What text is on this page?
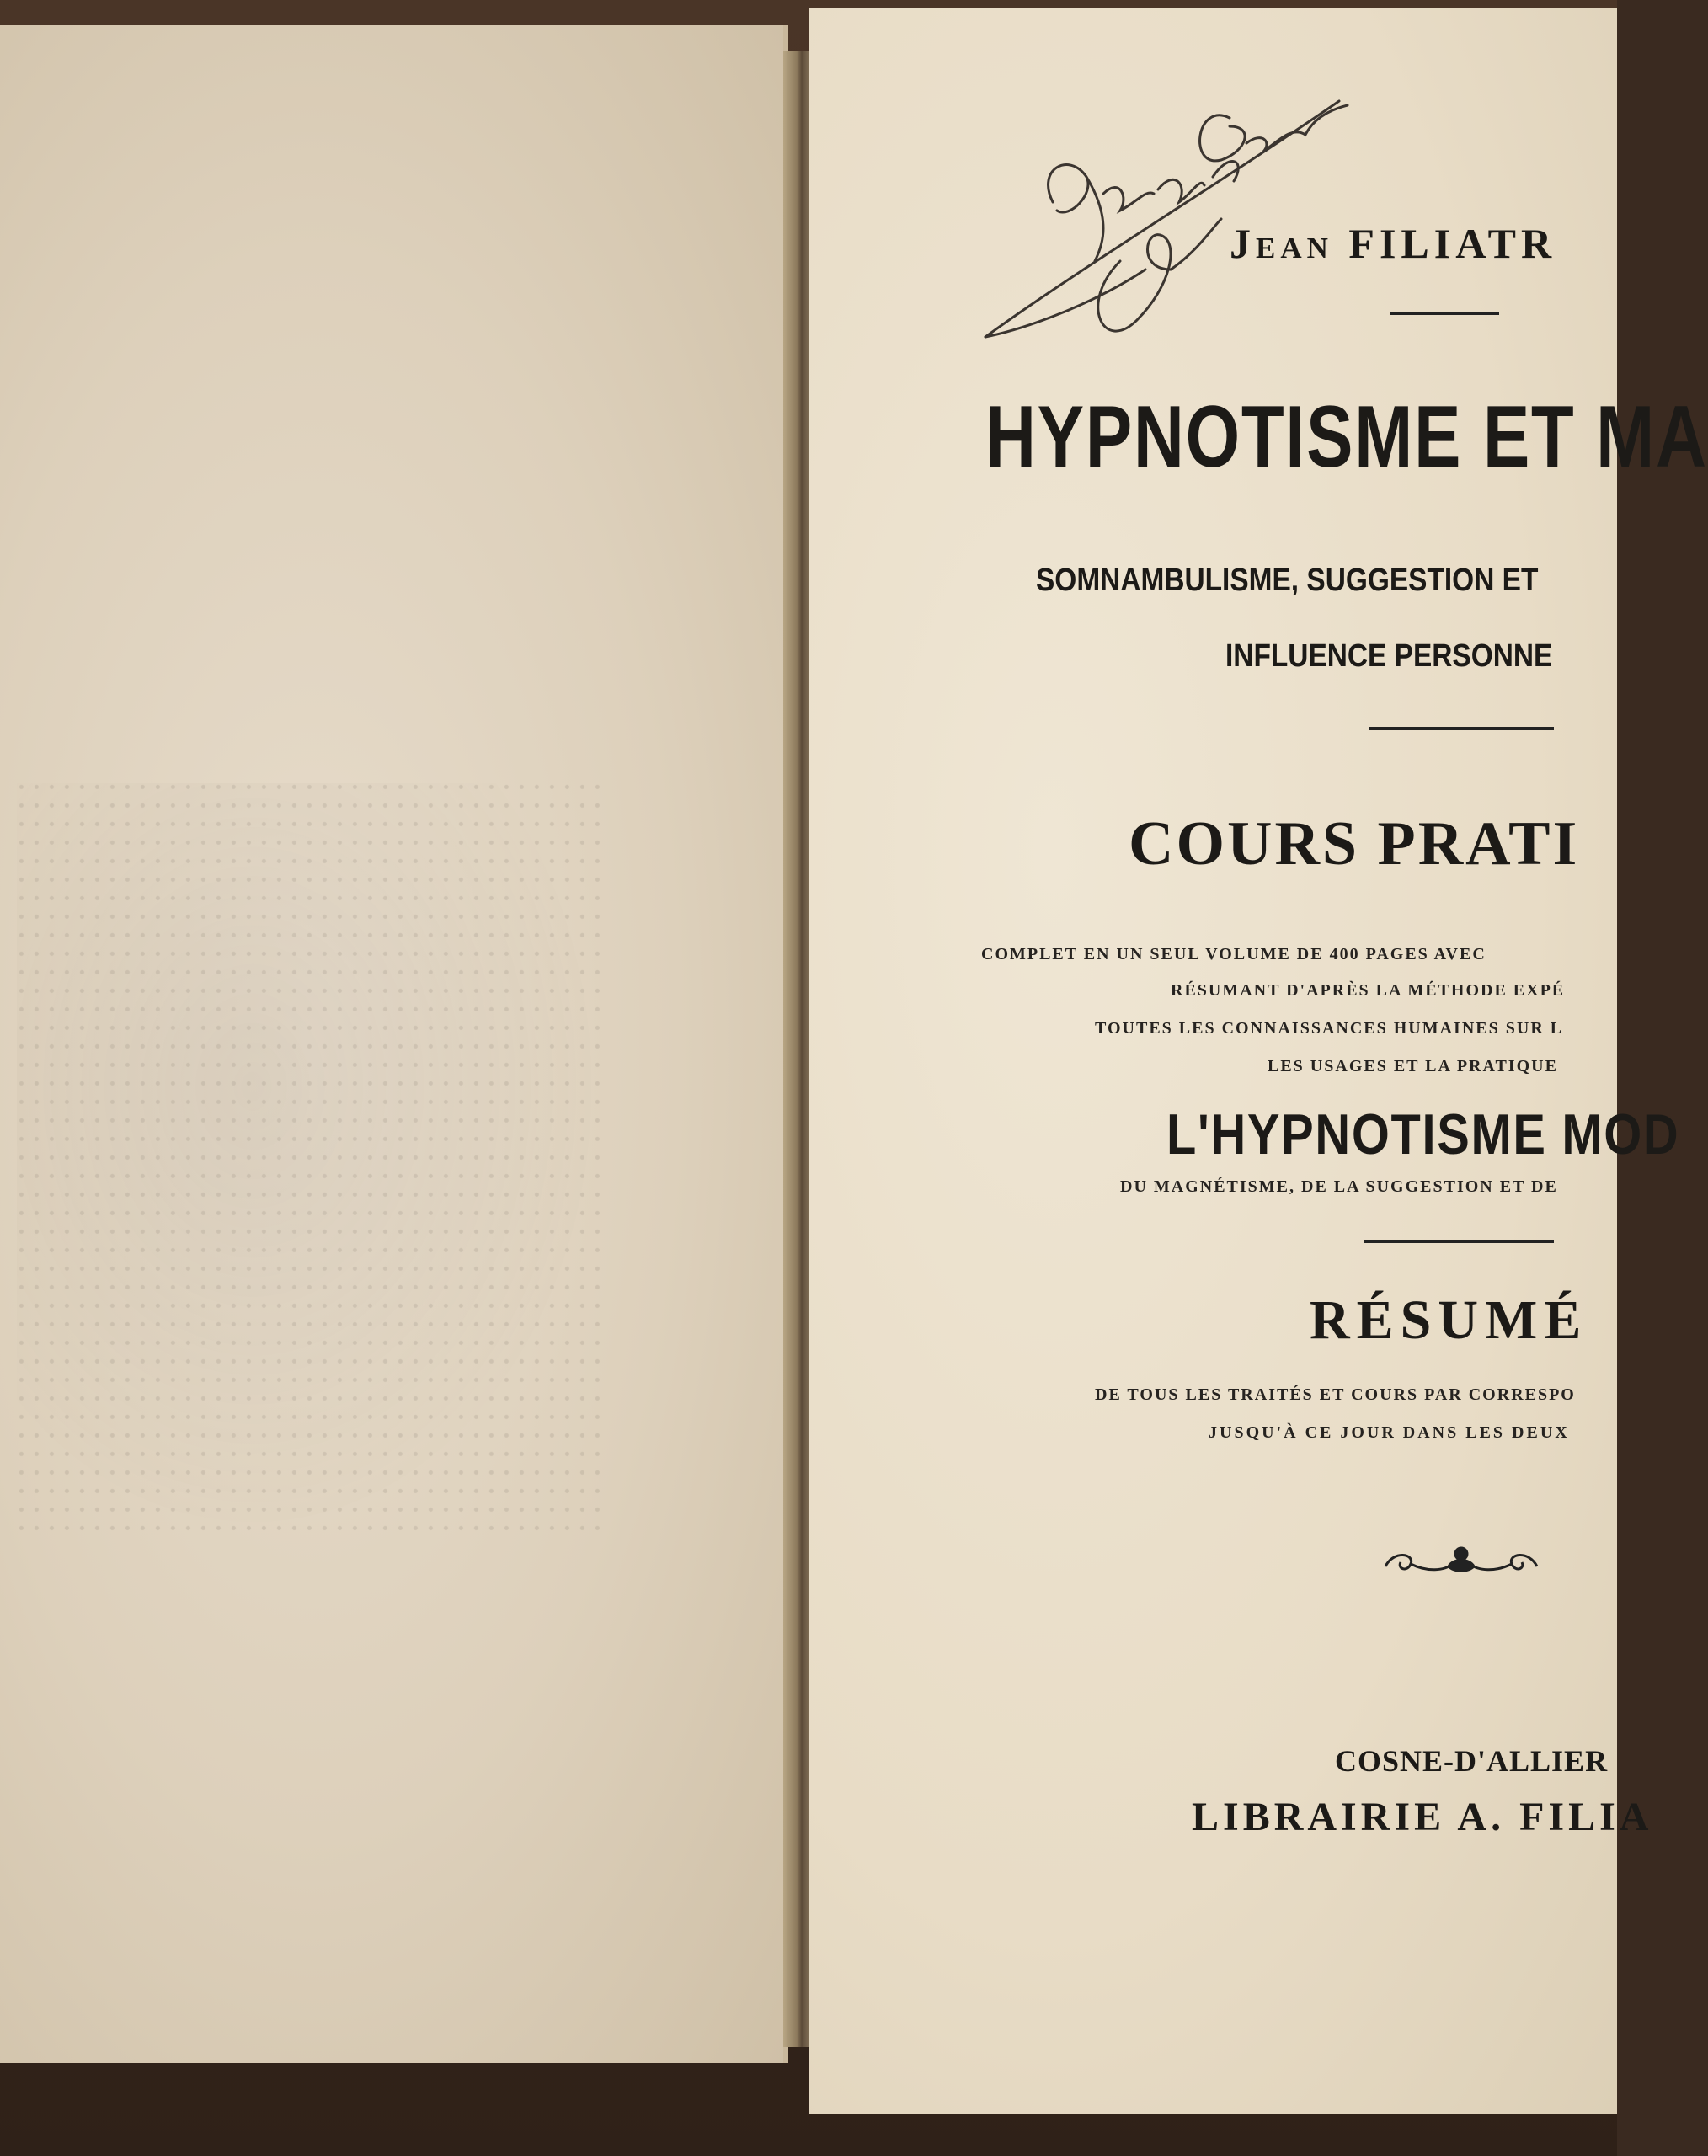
Jean FILIATR
HYPNOTISME ET MA
SOMNAMBULISME, SUGGESTION ET
INFLUENCE PERSONNE
COURS PRATI
COMPLET EN UN SEUL VOLUME DE 400 PAGES AVEC
RÉSUMANT D'APRÈS LA MÉTHODE EXPÉ
TOUTES LES CONNAISSANCES HUMAINES SUR L
LES USAGES ET LA PRATIQUE
L'HYPNOTISME MOD
DU MAGNÉTISME, DE LA SUGGESTION ET DE
RÉSUMÉ
DE TOUS LES TRAITÉS ET COURS PAR CORRESPO
JUSQU'À CE JOUR DANS LES DEUX
COSNE-D'ALLIER
LIBRAIRIE A. FILIA
